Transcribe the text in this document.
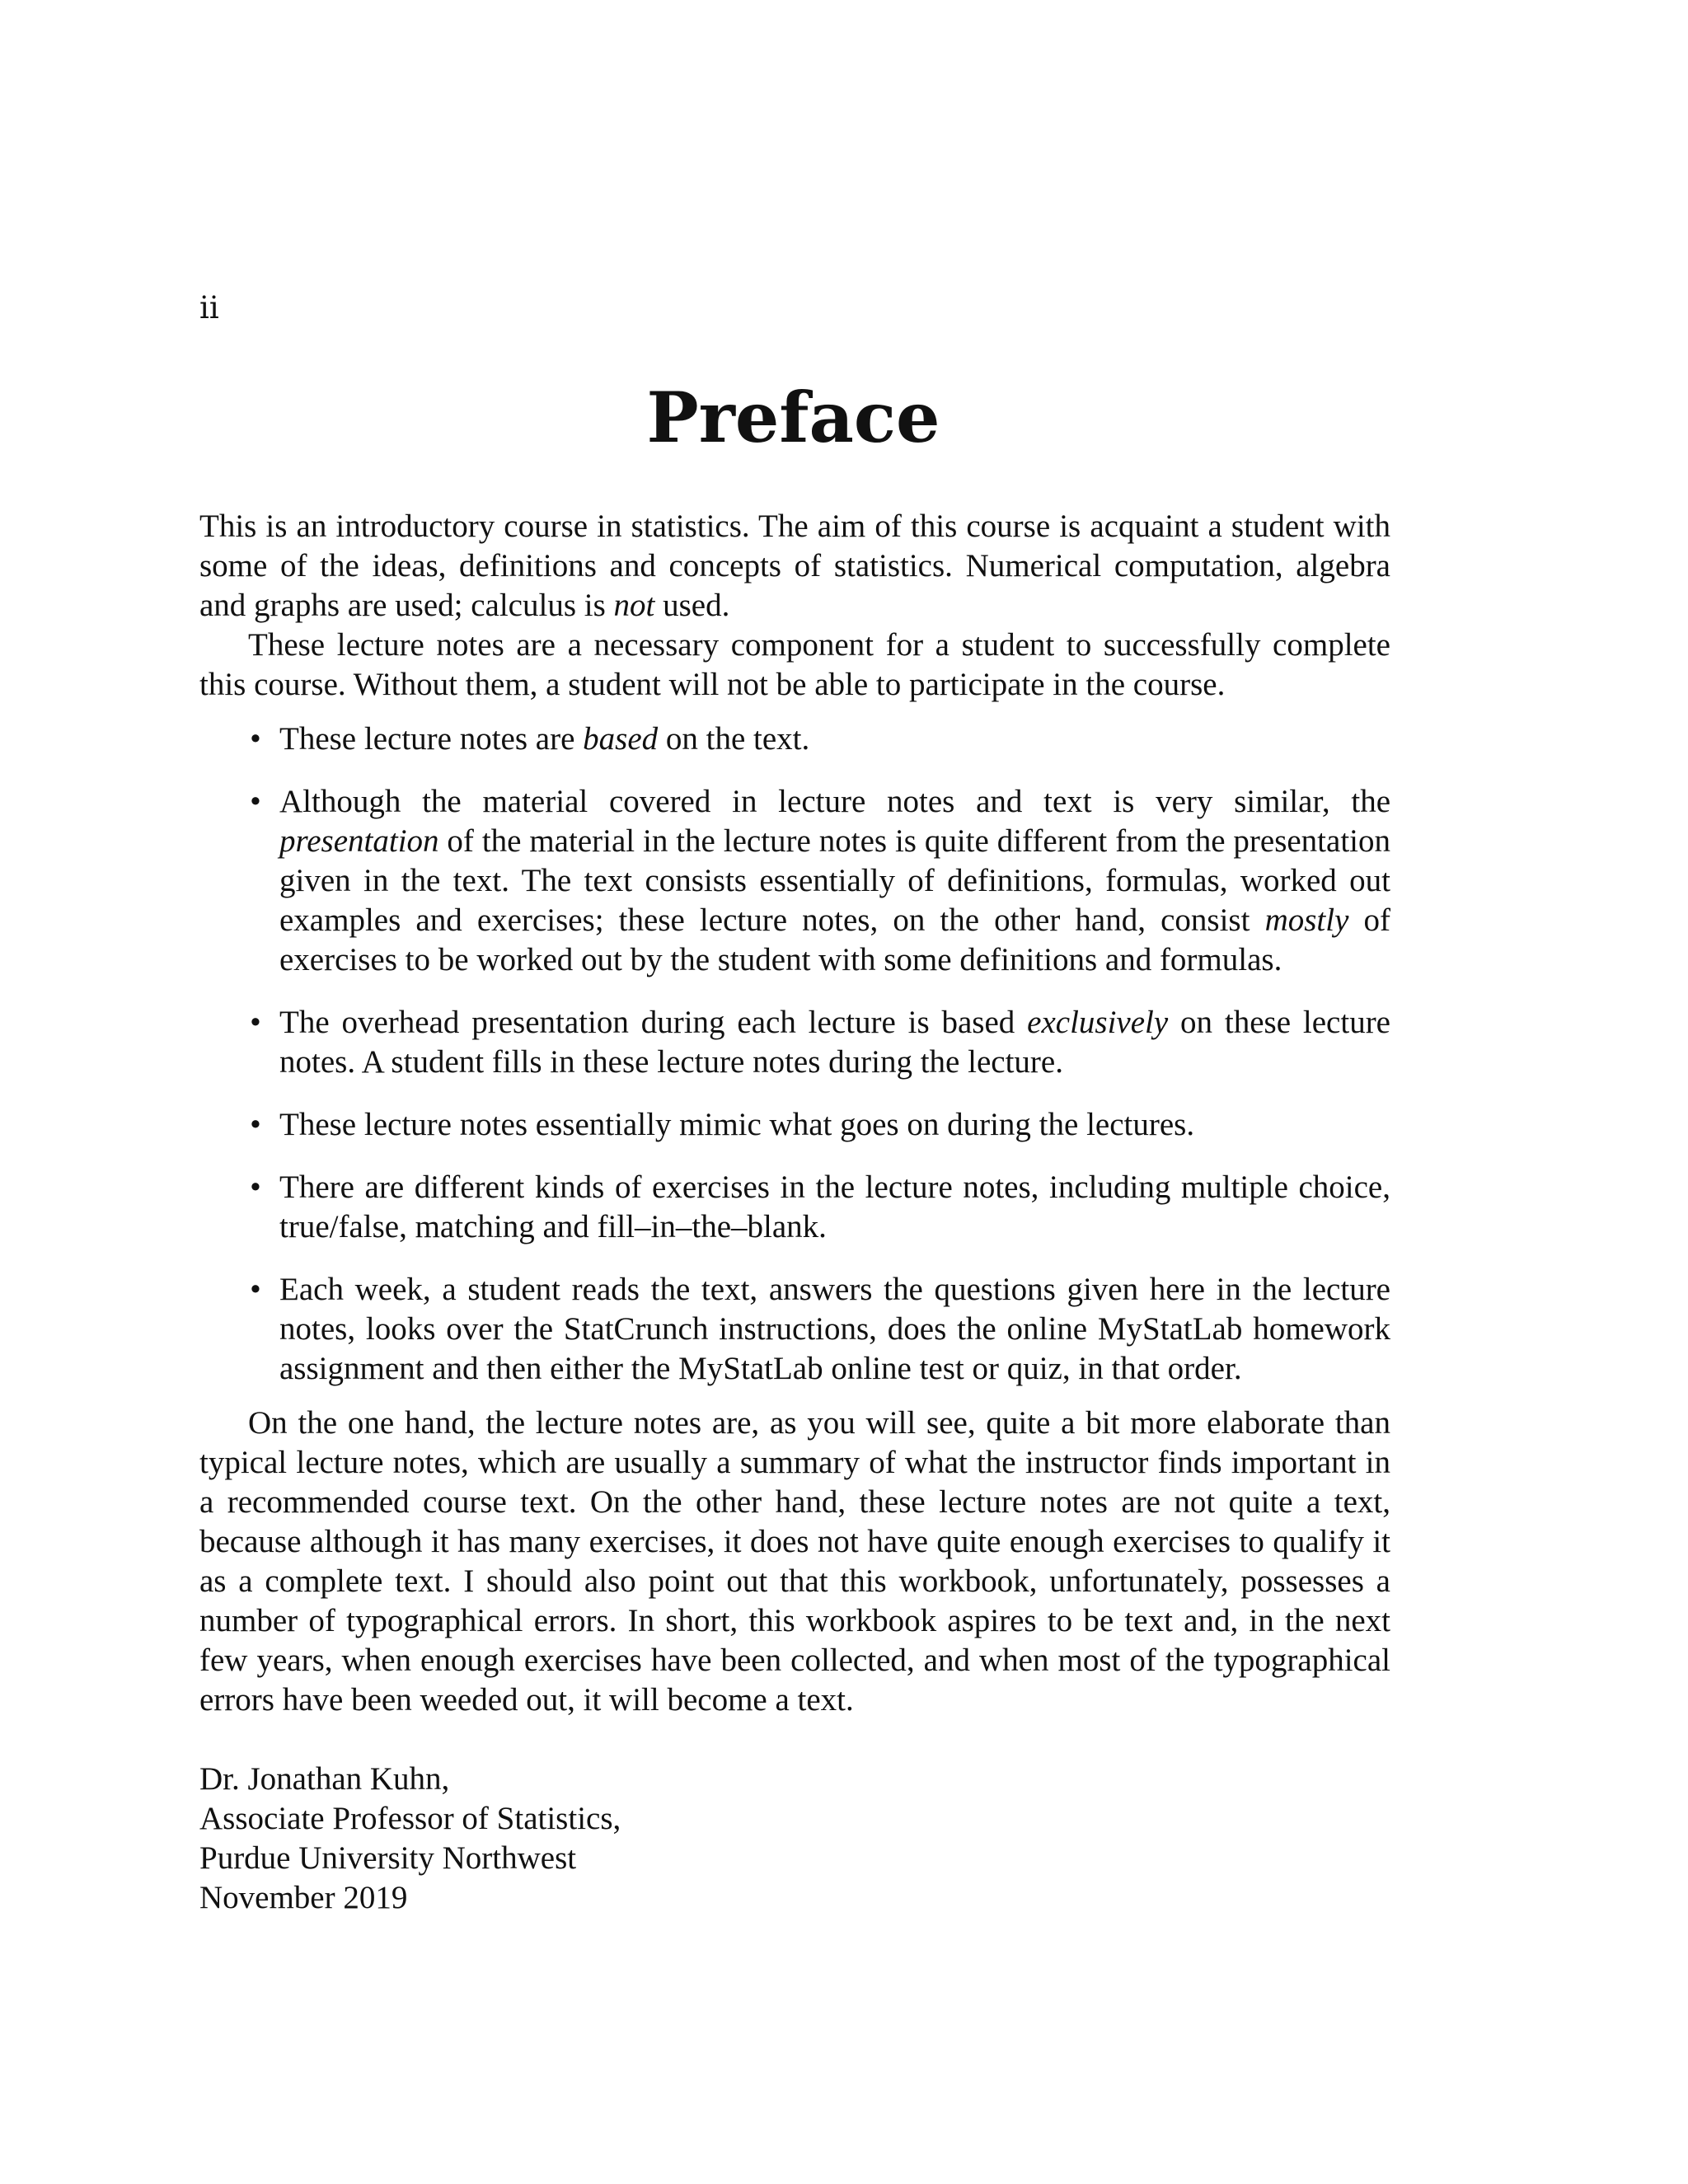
ii
Preface

This is an introductory course in statistics. The aim of this course is acquaint a student with some of the ideas, definitions and concepts of statistics. Numerical computation, algebra and graphs are used; calculus is not used.

These lecture notes are a necessary component for a student to successfully complete this course. Without them, a student will not be able to participate in the course.

• These lecture notes are based on the text.
• Although the material covered in lecture notes and text is very similar, the presentation of the material in the lecture notes is quite different from the presentation given in the text. The text consists essentially of definitions, formulas, worked out examples and exercises; these lecture notes, on the other hand, consist mostly of exercises to be worked out by the student with some definitions and formulas.
• The overhead presentation during each lecture is based exclusively on these lecture notes. A student fills in these lecture notes during the lecture.
• These lecture notes essentially mimic what goes on during the lectures.
• There are different kinds of exercises in the lecture notes, including multiple choice, true/false, matching and fill–in–the–blank.
• Each week, a student reads the text, answers the questions given here in the lecture notes, looks over the StatCrunch instructions, does the online MyStatLab homework assignment and then either the MyStatLab online test or quiz, in that order.

On the one hand, the lecture notes are, as you will see, quite a bit more elaborate than typical lecture notes, which are usually a summary of what the instructor finds important in a recommended course text. On the other hand, these lecture notes are not quite a text, because although it has many exercises, it does not have quite enough exercises to qualify it as a complete text. I should also point out that this workbook, unfortunately, possesses a number of typographical errors. In short, this workbook aspires to be text and, in the next few years, when enough exercises have been collected, and when most of the typographical errors have been weeded out, it will become a text.

Dr. Jonathan Kuhn,
Associate Professor of Statistics,
Purdue University Northwest
November 2019
